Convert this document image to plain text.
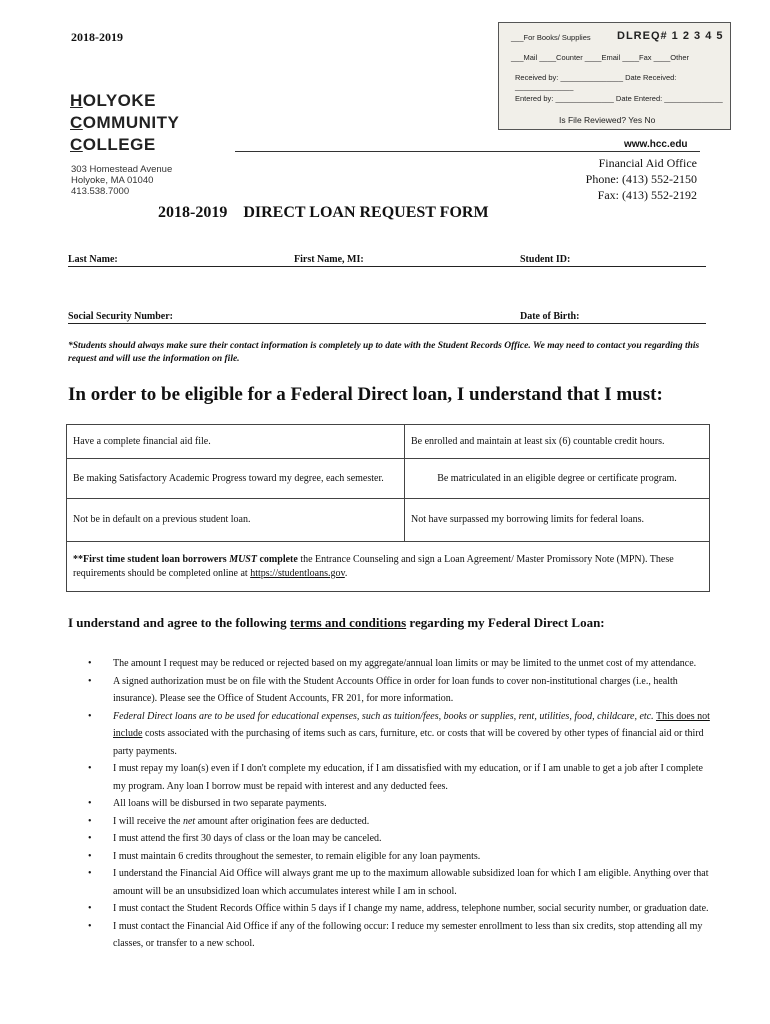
2018-2019
HOLYOKE
COMMUNITY
COLLEGE
303 Homestead Avenue
Holyoke, MA 01040
413.538.7000
___For Books/ Supplies DLREQ# 1 2 3 4 5
___Mail ____Counter ____Email ____Fax ____Other
Received by: _______________ Date Received: ______________
Entered by: ______________ Date Entered: ______________
Is File Reviewed? Yes No
www.hcc.edu
Financial Aid Office
Phone: (413) 552-2150
Fax: (413) 552-2192
2018-2019    DIRECT LOAN REQUEST FORM
Last Name:	First Name, MI:	Student ID:
Social Security Number:	Date of Birth:
*Students should always make sure their contact information is completely up to date with the Student Records Office. We may need to contact you regarding this request and will use the information on file.
In order to be eligible for a Federal Direct loan, I understand that I must:
Have a complete financial aid file.	Be enrolled and maintain at least six (6) countable credit hours.
Be making Satisfactory Academic Progress toward my degree, each semester.	Be matriculated in an eligible degree or certificate program.
Not be in default on a previous student loan.	Not have surpassed my borrowing limits for federal loans.
**First time student loan borrowers MUST complete the Entrance Counseling and sign a Loan Agreement/ Master Promissory Note (MPN). These requirements should be completed online at https://studentloans.gov.	
I understand and agree to the following terms and conditions regarding my Federal Direct Loan:
• The amount I request may be reduced or rejected based on my aggregate/annual loan limits or may be limited to the unmet cost of my attendance.
• A signed authorization must be on file with the Student Accounts Office in order for loan funds to cover non-institutional charges (i.e., health insurance). Please see the Office of Student Accounts, FR 201, for more information.
• Federal Direct loans are to be used for educational expenses, such as tuition/fees, books or supplies, rent, utilities, food, childcare, etc. This does not include costs associated with the purchasing of items such as cars, furniture, etc. or costs that will be covered by other types of financial aid or third party payments.
• I must repay my loan(s) even if I don't complete my education, if I am dissatisfied with my education, or if I am unable to get a job after I complete my program. Any loan I borrow must be repaid with interest and any deducted fees.
• All loans will be disbursed in two separate payments.
• I will receive the net amount after origination fees are deducted.
• I must attend the first 30 days of class or the loan may be canceled.
• I must maintain 6 credits throughout the semester, to remain eligible for any loan payments.
• I understand the Financial Aid Office will always grant me up to the maximum allowable subsidized loan for which I am eligible. Anything over that amount will be an unsubsidized loan which accumulates interest while I am in school.
• I must contact the Student Records Office within 5 days if I change my name, address, telephone number, social security number, or graduation date.
• I must contact the Financial Aid Office if any of the following occur: I reduce my semester enrollment to less than six credits, stop attending all my classes, or transfer to a new school.
